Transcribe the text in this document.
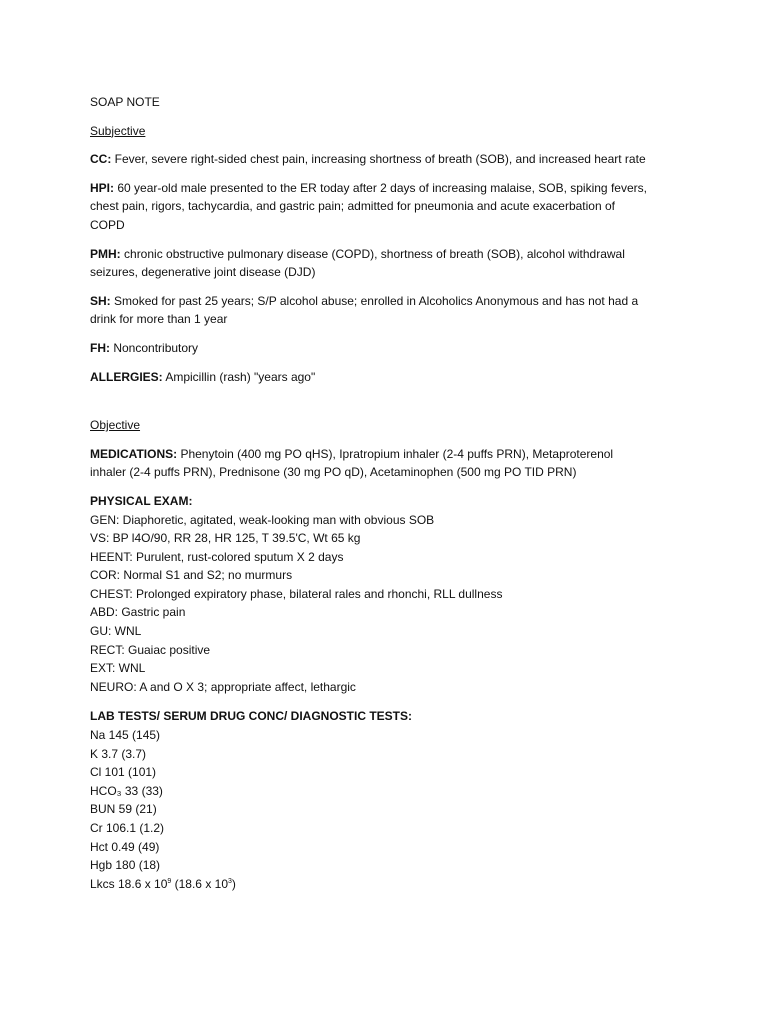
SOAP NOTE
Subjective
CC: Fever, severe right-sided chest pain, increasing shortness of breath (SOB), and increased heart rate
HPI: 60 year-old male presented to the ER today after 2 days of increasing malaise, SOB, spiking fevers,
chest pain, rigors, tachycardia, and gastric pain; admitted for pneumonia and acute exacerbation of
COPD
PMH: chronic obstructive pulmonary disease (COPD), shortness of breath (SOB), alcohol withdrawal
seizures, degenerative joint disease (DJD)
SH: Smoked for past 25 years; S/P alcohol abuse; enrolled in Alcoholics Anonymous and has not had a
drink for more than 1 year
FH: Noncontributory
ALLERGIES: Ampicillin (rash) "years ago"
Objective
MEDICATIONS: Phenytoin (400 mg PO qHS), Ipratropium inhaler (2-4 puffs PRN), Metaproterenol
inhaler (2-4 puffs PRN), Prednisone (30 mg PO qD), Acetaminophen (500 mg PO TID PRN)
PHYSICAL EXAM:
GEN: Diaphoretic, agitated, weak-looking man with obvious SOB
VS: BP l4O/90, RR 28, HR 125, T 39.5'C, Wt 65 kg
HEENT: Purulent, rust-colored sputum X 2 days
COR: Normal S1 and S2; no murmurs
CHEST: Prolonged expiratory phase, bilateral rales and rhonchi, RLL dullness
ABD: Gastric pain
GU: WNL
RECT: Guaiac positive
EXT: WNL
NEURO: A and O X 3; appropriate affect, lethargic
LAB TESTS/ SERUM DRUG CONC/ DIAGNOSTIC TESTS:
Na 145 (145)
K 3.7 (3.7)
Cl 101 (101)
HCO₃ 33 (33)
BUN 59 (21)
Cr 106.1 (1.2)
Hct 0.49 (49)
Hgb 180 (18)
Lkcs 18.6 x $10^9$ (18.6 x $10^3$)
